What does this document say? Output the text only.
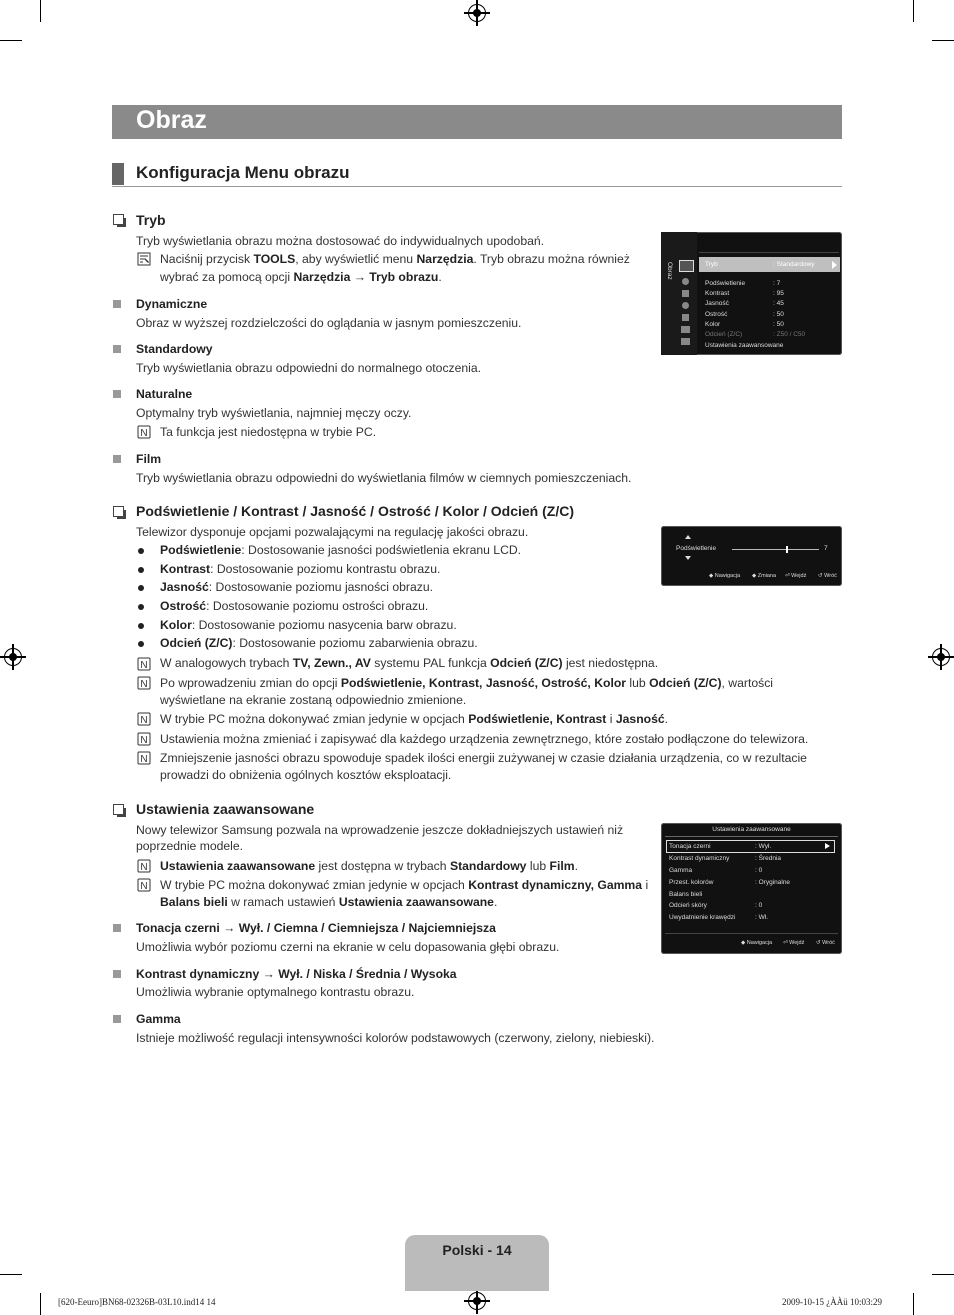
Obraz
Konfiguracja Menu obrazu
Tryb
Tryb wyświetlania obrazu można dostosować do indywidualnych upodobań.
Naciśnij przycisk TOOLS, aby wyświetlić menu Narzędzia. Tryb obrazu można również
wybrać za pomocą opcji Narzędzia → Tryb obrazu.
Dynamiczne
Obraz w wyższej rozdzielczości do oglądania w jasnym pomieszczeniu.
Standardowy
Tryb wyświetlania obrazu odpowiedni do normalnego otoczenia.
Naturalne
Optymalny tryb wyświetlania, najmniej męczy oczy.
N Ta funkcja jest niedostępna w trybie PC.
Film
Tryb wyświetlania obrazu odpowiedni do wyświetlania filmów w ciemnych pomieszczeniach.
Obraz	Tryb	: Standardowy
Podświetlenie	: 7
Kontrast	: 95
Jasność	: 45
Ostrość	: 50
Kolor	: 50
Odcień (Z/C)	: Z50 / C50
Ustawienia zaawansowane
Podświetlenie / Kontrast / Jasność / Ostrość / Kolor / Odcień (Z/C)
Telewizor dysponuje opcjami pozwalającymi na regulację jakości obrazu.
Podświetlenie: Dostosowanie jasności podświetlenia ekranu LCD.
Kontrast: Dostosowanie poziomu kontrastu obrazu.
Jasność: Dostosowanie poziomu jasności obrazu.
Ostrość: Dostosowanie poziomu ostrości obrazu.
Kolor: Dostosowanie poziomu nasycenia barw obrazu.
Odcień (Z/C): Dostosowanie poziomu zabarwienia obrazu.
N W analogowych trybach TV, Zewn., AV systemu PAL funkcja Odcień (Z/C) jest niedostępna.
N Po wprowadzeniu zmian do opcji Podświetlenie, Kontrast, Jasność, Ostrość, Kolor lub Odcień (Z/C), wartości
wyświetlane na ekranie zostaną odpowiednio zmienione.
N W trybie PC można dokonywać zmian jedynie w opcjach Podświetlenie, Kontrast i Jasność.
N Ustawienia można zmieniać i zapisywać dla każdego urządzenia zewnętrznego, które zostało podłączone do telewizora.
N Zmniejszenie jasności obrazu spowoduje spadek ilości energii zużywanej w czasie działania urządzenia, co w rezultacie
prowadzi do obniżenia ogólnych kosztów eksploatacji.
Podświetlenie	7
◆ Nawigacja ◆ Zmiana ⏎ Wejdź ↺ Wróć
Ustawienia zaawansowane
Nowy telewizor Samsung pozwala na wprowadzenie jeszcze dokładniejszych ustawień niż
poprzednie modele.
N Ustawienia zaawansowane jest dostępna w trybach Standardowy lub Film.
N W trybie PC można dokonywać zmian jedynie w opcjach Kontrast dynamiczny, Gamma i
Balans bieli w ramach ustawień Ustawienia zaawansowane.
Tonacja czerni → Wył. / Ciemna / Ciemniejsza / Najciemniejsza
Umożliwia wybór poziomu czerni na ekranie w celu dopasowania głębi obrazu.
Kontrast dynamiczny → Wył. / Niska / Średnia / Wysoka
Umożliwia wybranie optymalnego kontrastu obrazu.
Gamma
Istnieje możliwość regulacji intensywności kolorów podstawowych (czerwony, zielony, niebieski).
Ustawienia zaawansowane
Tonacja czerni	: Wył.
Kontrast dynamiczny	: Średnia
Gamma	: 0
Przest. kolorów	: Oryginalne
Balans bieli
Odcień skóry	: 0
Uwydatnienie krawędzi	: Wł.
◆ Nawigacja ⏎ Wejdź ↺ Wróć
Polski - 14
[620-Eeuro]BN68-02326B-03L10.ind14 14	2009-10-15 ¿ÀÀü 10:03:29
